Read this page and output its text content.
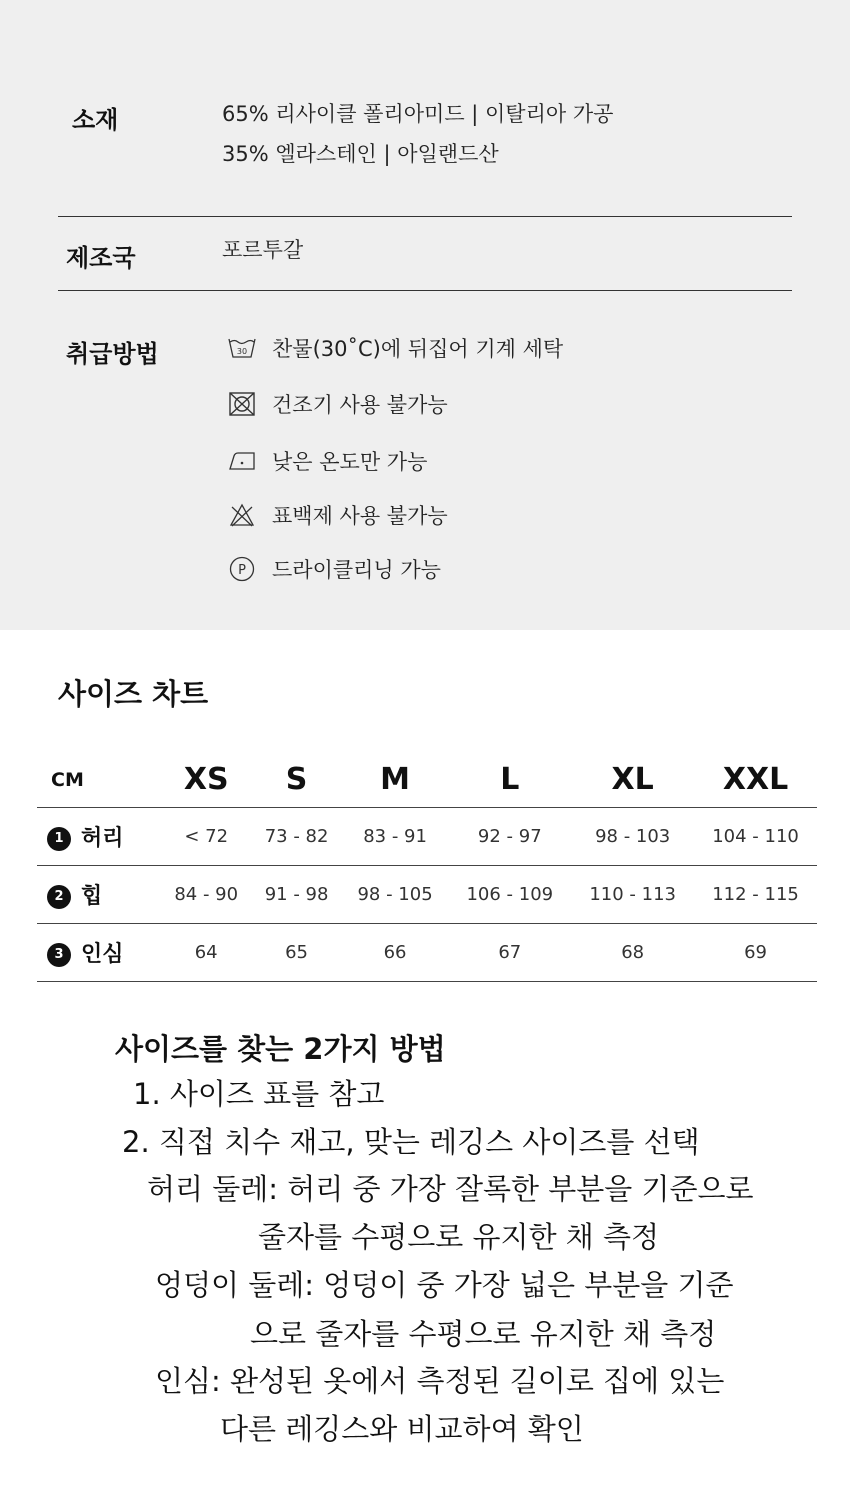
소재	65% 리사이클 폴리아미드 | 이탈리아 가공
35% 엘라스테인 | 아일랜드산
제조국	포르투갈
취급방법	30 찬물(30˚C)에 뒤집어 기계 세탁
건조기 사용 불가능
낮은 온도만 가능
표백제 사용 불가능
P 드라이클리닝 가능
사이즈 차트
CM	XS	S	M	L	XL	XXL
1 허리	< 72	73 - 82	83 - 91	92 - 97	98 - 103	104 - 110
2 힙	84 - 90	91 - 98	98 - 105	106 - 109	110 - 113	112 - 115
3 인심	64	65	66	67	68	69
사이즈를 찾는 2가지 방법
1. 사이즈 표를 참고
2. 직접 치수 재고, 맞는 레깅스 사이즈를 선택
허리 둘레: 허리 중 가장 잘록한 부분을 기준으로
줄자를 수평으로 유지한 채 측정
엉덩이 둘레: 엉덩이 중 가장 넓은 부분을 기준
으로 줄자를 수평으로 유지한 채 측정
인심: 완성된 옷에서 측정된 길이로 집에 있는
다른 레깅스와 비교하여 확인
